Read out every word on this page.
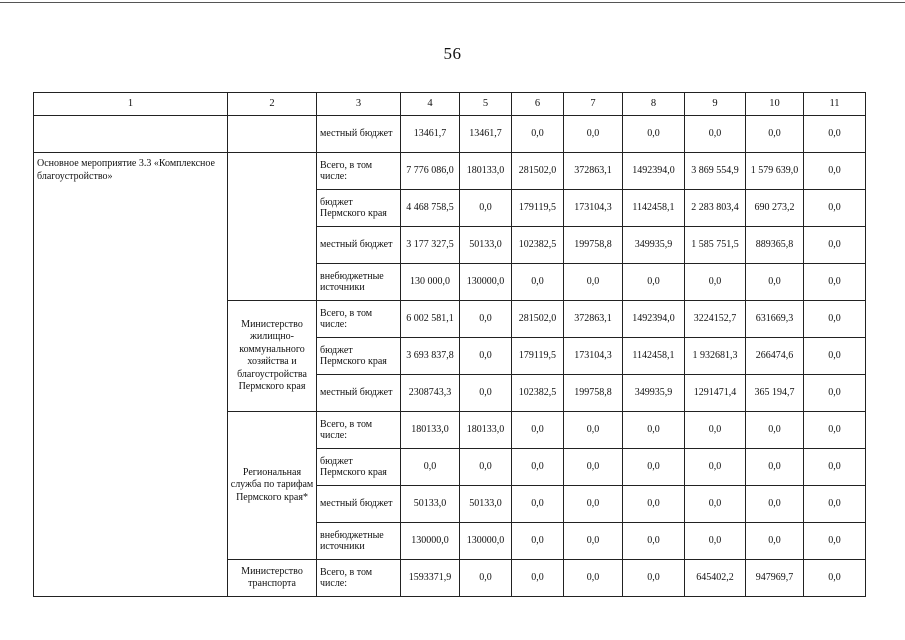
56
1	2	3	4	5	6	7	8	9	10	11
		местный бюджет	13461,7	13461,7	0,0	0,0	0,0	0,0	0,0	0,0
Основное мероприятие 3.3 «Комплексное благоустройство»		Всего, в том числе:	7 776 086,0	180133,0	281502,0	372863,1	1492394,0	3 869 554,9	1 579 639,0	0,0
		бюджет Пермского края	4 468 758,5	0,0	179119,5	173104,3	1142458,1	2 283 803,4	690 273,2	0,0
		местный бюджет	3 177 327,5	50133,0	102382,5	199758,8	349935,9	1 585 751,5	889365,8	0,0
		внебюджетные источники	130 000,0	130000,0	0,0	0,0	0,0	0,0	0,0	0,0
	Министерство жилищно-коммунального хозяйства и благоустройства Пермского края	Всего, в том числе:	6 002 581,1	0,0	281502,0	372863,1	1492394,0	3224152,7	631669,3	0,0
		бюджет Пермского края	3 693 837,8	0,0	179119,5	173104,3	1142458,1	1 932681,3	266474,6	0,0
		местный бюджет	2308743,3	0,0	102382,5	199758,8	349935,9	1291471,4	365 194,7	0,0
	Региональная служба по тарифам Пермского края*	Всего, в том числе:	180133,0	180133,0	0,0	0,0	0,0	0,0	0,0	0,0
		бюджет Пермского края	0,0	0,0	0,0	0,0	0,0	0,0	0,0	0,0
		местный бюджет	50133,0	50133,0	0,0	0,0	0,0	0,0	0,0	0,0
		внебюджетные источники	130000,0	130000,0	0,0	0,0	0,0	0,0	0,0	0,0
	Министерство транспорта	Всего, в том числе:	1593371,9	0,0	0,0	0,0	0,0	645402,2	947969,7	0,0
